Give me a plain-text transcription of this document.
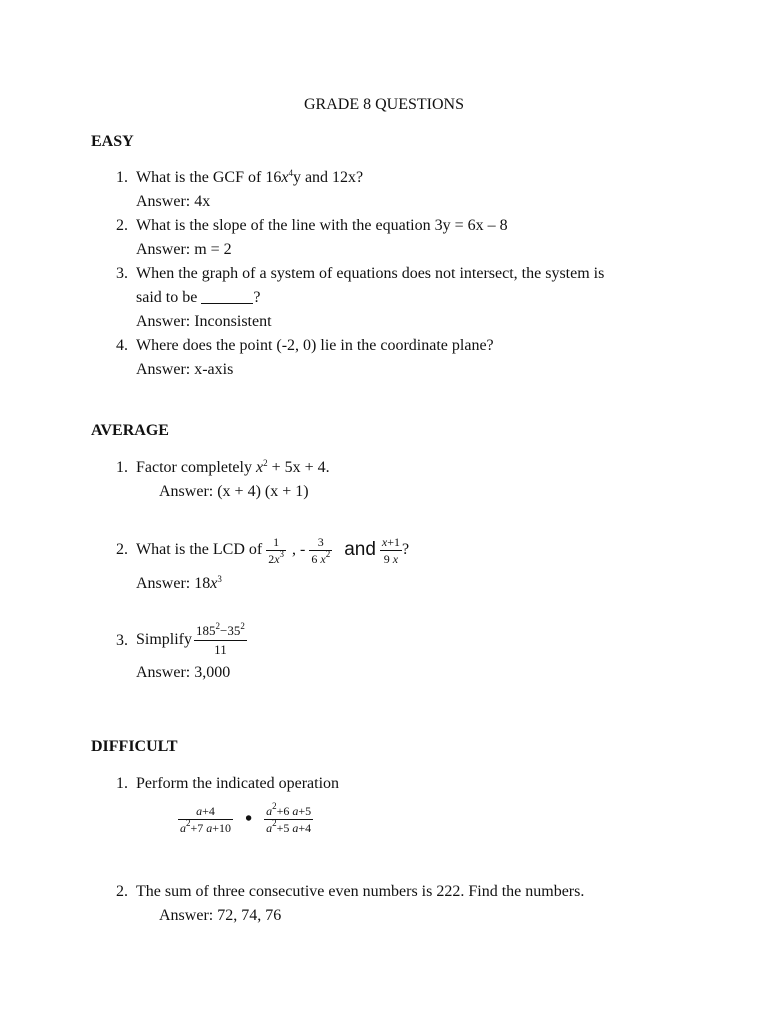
GRADE 8 QUESTIONS
EASY
1. What is the GCF of $16x^4y$ and 12x?
Answer: 4x
2. What is the slope of the line with the equation 3y = 6x – 8
Answer: m = 2
3. When the graph of a system of equations does not intersect, the system is
said to be	?
Answer: Inconsistent
4. Where does the point (-2, 0) lie in the coordinate plane?
Answer: x-axis
AVERAGE
1. Factor completely $x^2 + 5x + 4$.
Answer: (x + 4) (x + 1)
2. What is the LCD of $\frac{1}{2x^3}$ , - $\frac{3}{6 x^2}$ and $\frac{x+1}{9 x}$ ?
Answer: $18x^3$
3. Simplify $\frac{185^2-35^2}{11}$
Answer: 3,000
DIFFICULT
1. Perform the indicated operation
$\frac{a+4}{a^2+7 a+10}$ • $\frac{a^2+6 a+5}{a^2+5 a+4}$
2. The sum of three consecutive even numbers is 222. Find the numbers.
Answer: 72, 74, 76
